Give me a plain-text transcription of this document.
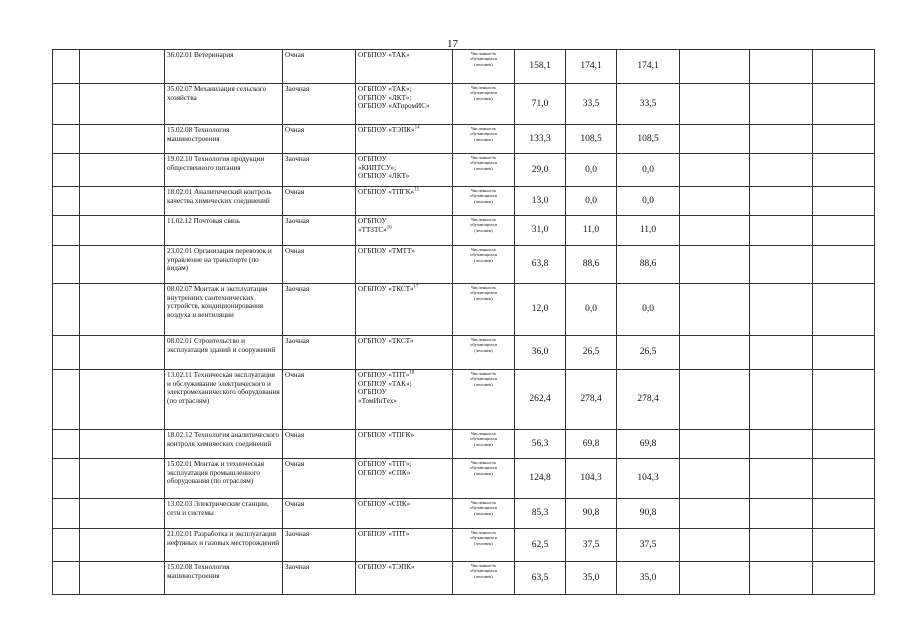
17
		36.02.01 Ветеринария	Очная	ОГБПОУ «ТАК»	Численность
обучающихся
(человек)	158,1	174,1	174,1			
		35.02.07 Механизация сельского хозяйства	Заочная	ОГБПОУ «ТАК»;
ОГБПОУ «ЛКТ»;
ОГБПОУ «АТпромИС»	Численность
обучающихся
(человек)	71,0	33,5	33,5			
		15.02.08 Технология машиностроения	Очная	ОГБПОУ «ТЭПК»$^{14}$	Численность
обучающихся
(человек)	133,3	108,5	108,5			
		19.02.10 Технология продукции общественного питания	Заочная	ОГБПОУ
«КИПТСУ»;
ОГБПОУ «ЛКТ»	Численность
обучающихся
(человек)	29,0	0,0	0,0			
		18.02.01 Аналитический контроль качества химических соединений	Очная	ОГБПОУ «ТПГК»$^{15}$	Численность
обучающихся
(человек)	13,0	0,0	0,0			
		11.02.12 Почтовая связь	Заочная	ОГБПОУ
«ТТЗТС»$^{16}$	Численность
обучающихся
(человек)	31,0	11,0	11,0			
		23.02.01 Организация перевозок и управление на транспорте (по видам)	Очная	ОГБПОУ «ТМТТ»	Численность
обучающихся
(человек)	63,8	88,6	88,6			
		08.02.07 Монтаж и эксплуатация внутренних сантехнических устройств, кондиционирования воздуха и вентиляции	Заочная	ОГБПОУ «ТКСТ»$^{17}$	Численность
обучающихся
(человек)	12,0	0,0	0,0			
		08.02.01 Строительство и эксплуатация зданий и сооружений	Заочная	ОГБПОУ «ТКСТ»	Численность
обучающихся
(человек)	36,0	26,5	26,5			
		13.02.11 Техническая эксплуатация и обслуживание электрического и электромеханического оборудования (по отраслям)	Очная	ОГБПОУ «ТПТ»$^{18}$
ОГБПОУ «ТАК»;
ОГБПОУ
«ТомИнТех»	Численность
обучающихся
(человек)	262,4	278,4	278,4			
		18.02.12 Технология аналитического контроля химических соединений	Очная	ОГБПОУ «ТПГК»	Численность
обучающихся
(человек)	56,3	69,8	69,8			
		15.02.01 Монтаж и техническая эксплуатация промышленного оборудования (по отраслям)	Очная	ОГБПОУ «ТПТ»;
ОГБПОУ «СПК»	Численность
обучающихся
(человек)	124,8	104,3	104,3			
		13.02.03 Электрические станции, сети и системы	Очная	ОГБПОУ «СПК»	Численность
обучающихся
(человек)	85,3	90,8	90,8			
		21.02.01 Разработка и эксплуатация нефтяных и газовых месторождений	Заочная	ОГБПОУ «ТПТ»	Численность
обучающихся
(человек)	62,5	37,5	37,5			
		15.02.08 Технология машиностроения	Заочная	ОГБПОУ «ТЭПК»	Численность
обучающихся
(человек)	63,5	35,0	35,0			
